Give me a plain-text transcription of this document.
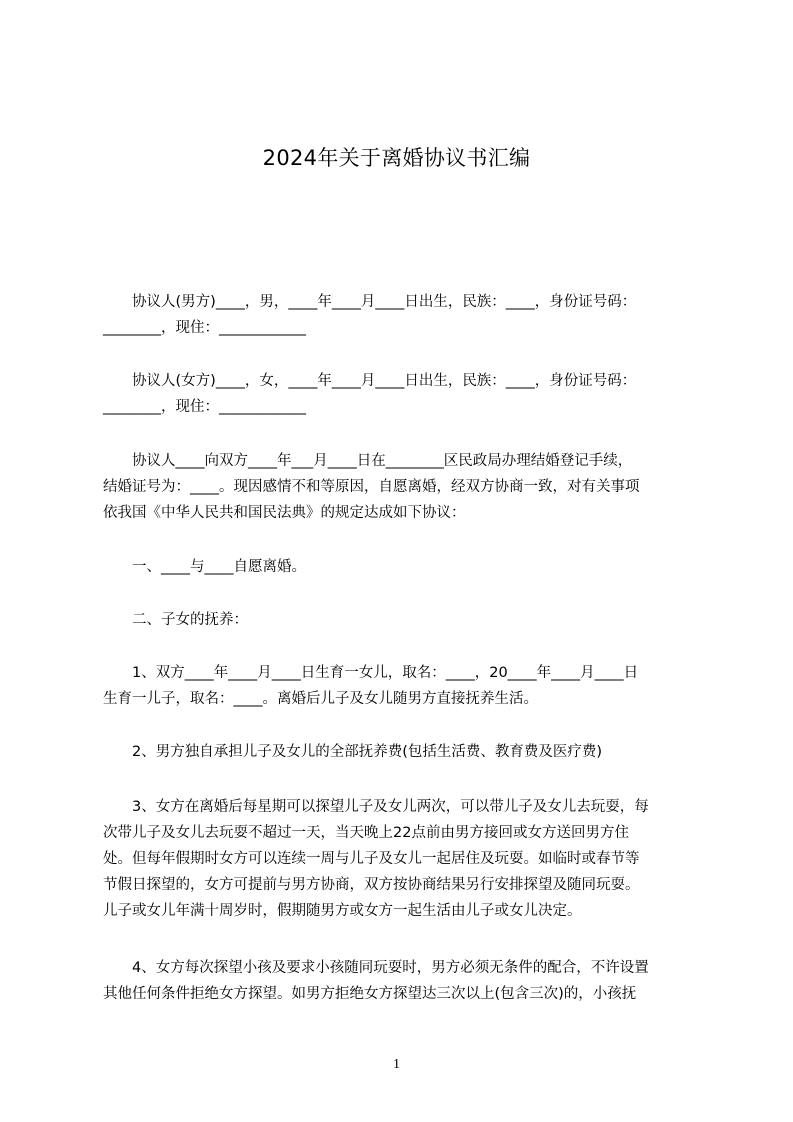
2024年关于离婚协议书汇编
　　协议人(男方)____，男，____年____月____日出生，民族：____，身份证号码：
________，现住：____________
　　协议人(女方)____，女，____年____月____日出生，民族：____，身份证号码：
________，现住：____________
　　协议人____向双方____年___月____日在________区民政局办理结婚登记手续，
结婚证号为：____。现因感情不和等原因，自愿离婚，经双方协商一致，对有关事项
依我国《中华人民共和国民法典》的规定达成如下协议：
　　一、____与____自愿离婚。
　　二、子女的抚养：
　　1、双方____年____月____日生育一女儿，取名：____，20____年____月____日
生育一儿子，取名：____。离婚后儿子及女儿随男方直接抚养生活。
　　2、男方独自承担儿子及女儿的全部抚养费(包括生活费、教育费及医疗费)
　　3、女方在离婚后每星期可以探望儿子及女儿两次，可以带儿子及女儿去玩耍，每
次带儿子及女儿去玩耍不超过一天，当天晚上22点前由男方接回或女方送回男方住
处。但每年假期时女方可以连续一周与儿子及女儿一起居住及玩耍。如临时或春节等
节假日探望的，女方可提前与男方协商，双方按协商结果另行安排探望及随同玩耍。
儿子或女儿年满十周岁时，假期随男方或女方一起生活由儿子或女儿决定。
　　4、女方每次探望小孩及要求小孩随同玩耍时，男方必须无条件的配合，不许设置
其他任何条件拒绝女方探望。如男方拒绝女方探望达三次以上(包含三次)的，小孩抚
1
